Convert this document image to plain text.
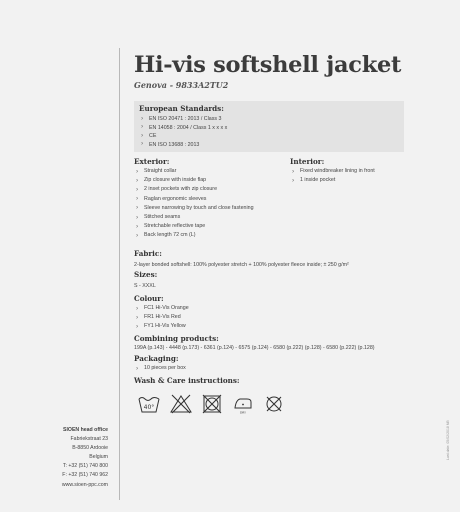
SIOEN head office
Fabriekstraat 23
B-8850 Ardooie
Belgium
T: +32 (51) 740 800
F: +32 (51) 740 962
www.sioen-ppc.com
Hi-vis softshell jacket
Genova - 9833A2TU2
European Standards:
› EN ISO 20471 : 2013 / Class 3
› EN 14058 : 2004 / Class 1 x x x x
› CE
› EN ISO 13688 : 2013
Exterior:
› Straight collar
› Zip closure with inside flap
› 2 inset pockets with zip closure
› Raglan ergonomic sleeves
› Sleeve narrowing by touch and close fastening
› Stitched seams
› Stretchable reflective tape
› Back length 72 cm (L)
Interior:
› Fixed windbreaker lining in front
› 1 inside pocket
Fabric:
2-layer bonded softshell: 100% polyester stretch + 100% polyester fleece inside; ± 250 g/m²
Sizes:
S - XXXL
Colour:
› FC1 Hi-Vis Orange
› FR1 Hi-Vis Red
› FY1 Hi-Vis Yellow
Combining products:
199A (p.143) - 4448 (p.173) - 6361 (p.124) - 6575 (p.124) - 6580 (p.222) (p.128) - 6580 (p.222) (p.128)
Packaging:
› 10 pieces per box
Wash & Care instructions:
40°
DRY
Last date: 05/02/2018 NB
